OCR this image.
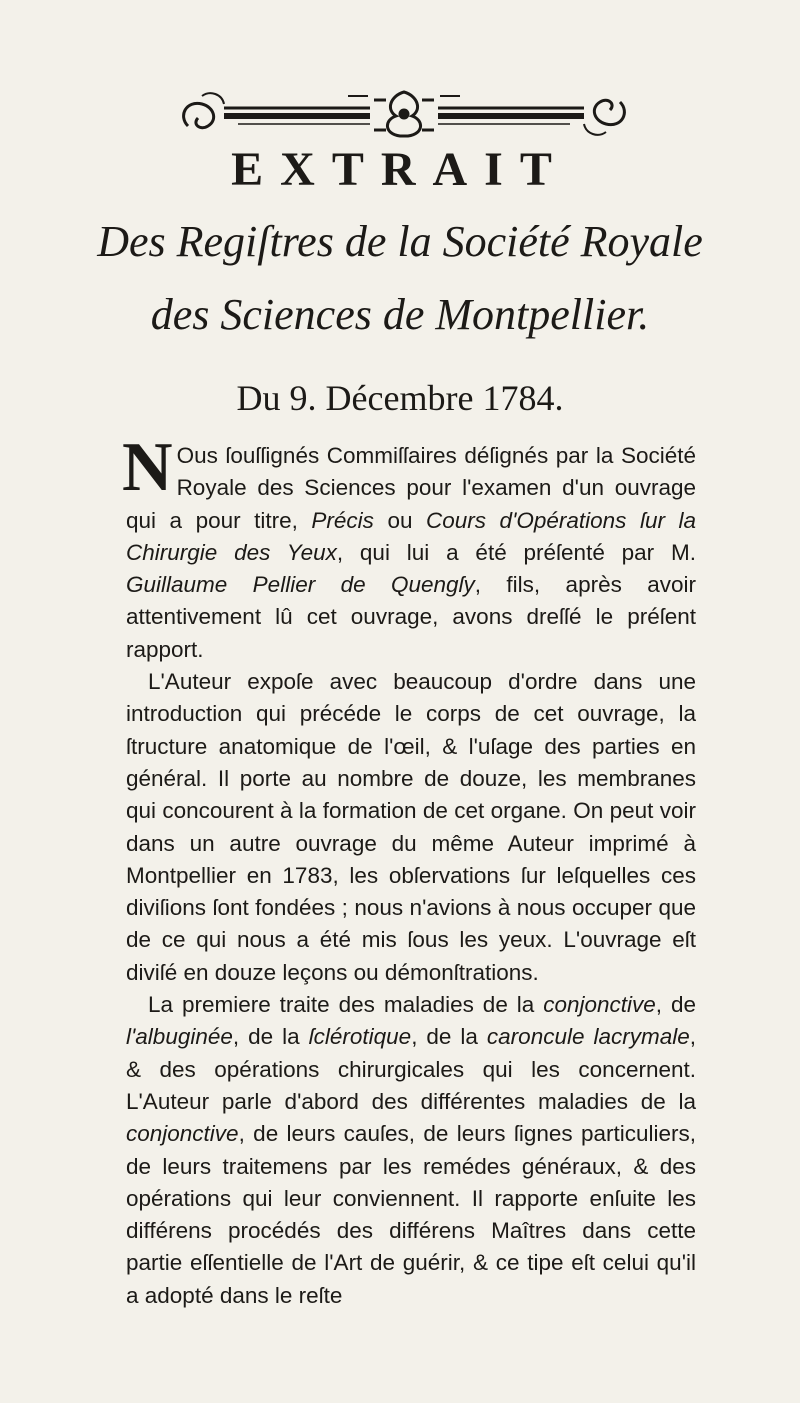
EXTRAIT
Des Regiſtres de la Société Royale
des Sciences de Montpellier.
Du 9. Décembre 1784.

N Ous ſouſſignés Commiſſaires déſignés par la Société Royale des Sciences pour l'examen d'un ouvrage qui a pour titre, Précis ou Cours d'Opérations ſur la Chirurgie des Yeux, qui lui a été préſenté par M. Guillaume Pellier de Quengſy, fils, après avoir attentivement lû cet ouvrage, avons dreſſé le préſent rapport.

L'Auteur expoſe avec beaucoup d'ordre dans une introduction qui précéde le corps de cet ouvrage, la ſtructure anatomique de l'œil, & l'uſage des parties en général. Il porte au nombre de douze, les membranes qui concourent à la formation de cet organe. On peut voir dans un autre ouvrage du même Auteur imprimé à Montpellier en 1783, les obſervations ſur leſquelles ces diviſions ſont fondées ; nous n'avions à nous occuper que de ce qui nous a été mis ſous les yeux. L'ouvrage eſt diviſé en douze leçons ou démonſtrations.

La premiere traite des maladies de la conjonctive, de l'albuginée, de la ſclérotique, de la caroncule lacrymale, & des opérations chirurgicales qui les concernent. L'Auteur parle d'abord des différentes maladies de la conjonctive, de leurs cauſes, de leurs ſignes particuliers, de leurs traitemens par les remédes généraux, & des opérations qui leur conviennent. Il rapporte enſuite les différens procédés des différens Maîtres dans cette partie eſſentielle de l'Art de guérir, & ce tipe eſt celui qu'il a adopté dans le reſte
